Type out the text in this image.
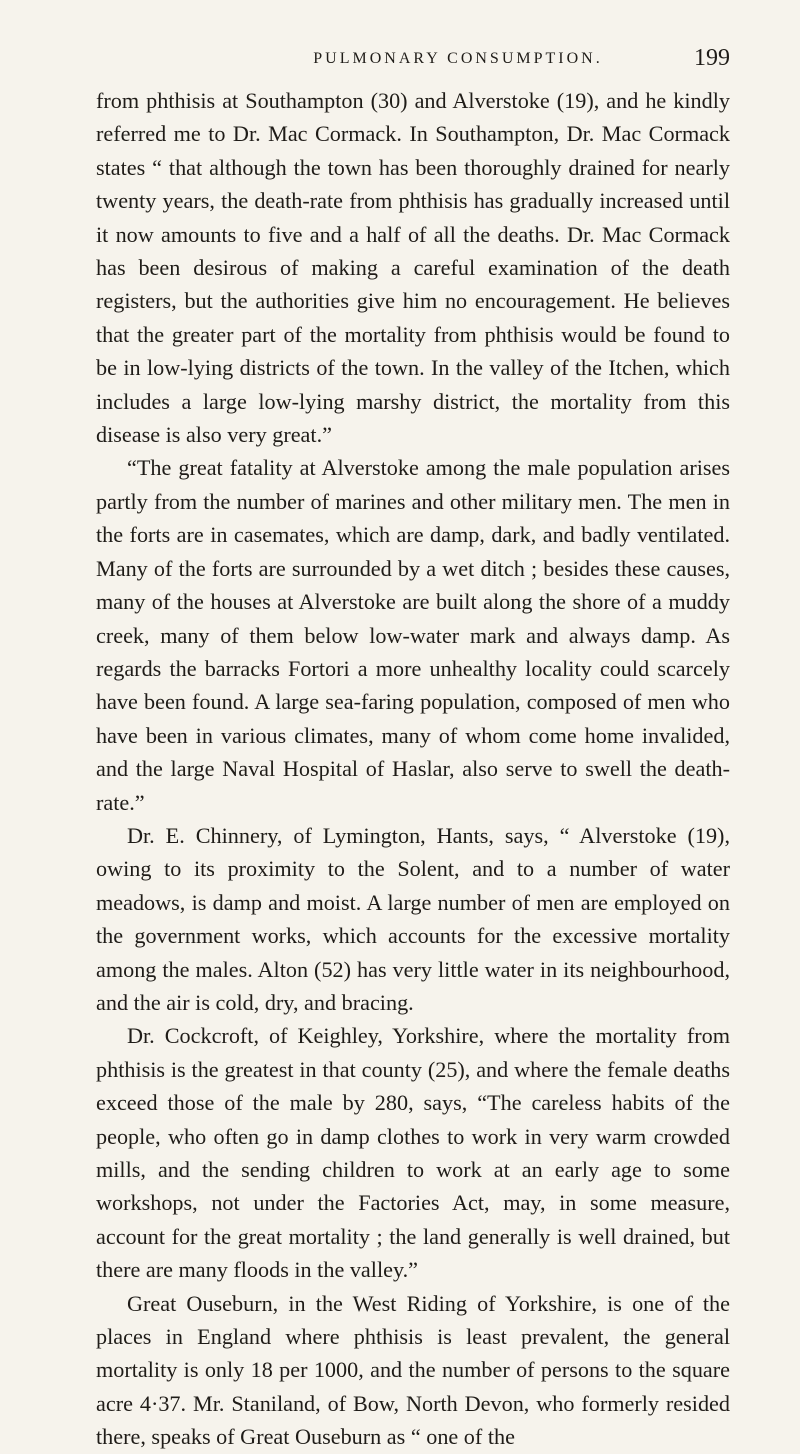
PULMONARY CONSUMPTION.	199

from phthisis at Southampton (30) and Alverstoke (19), and he kindly referred me to Dr. Mac Cormack. In Southampton, Dr. Mac Cormack states “ that although the town has been thoroughly drained for nearly twenty years, the death-rate from phthisis has gradually increased until it now amounts to five and a half of all the deaths. Dr. Mac Cormack has been desirous of making a careful examination of the death registers, but the authorities give him no encouragement. He believes that the greater part of the mortality from phthisis would be found to be in low-lying districts of the town. In the valley of the Itchen, which includes a large low-lying marshy district, the mortality from this disease is also very great.”

“The great fatality at Alverstoke among the male population arises partly from the number of marines and other military men. The men in the forts are in casemates, which are damp, dark, and badly ventilated. Many of the forts are surrounded by a wet ditch ; besides these causes, many of the houses at Alverstoke are built along the shore of a muddy creek, many of them below low-water mark and always damp. As regards the barracks Fortori a more unhealthy locality could scarcely have been found. A large sea-faring population, composed of men who have been in various climates, many of whom come home invalided, and the large Naval Hospital of Haslar, also serve to swell the death-rate.”

Dr. E. Chinnery, of Lymington, Hants, says, “ Alverstoke (19), owing to its proximity to the Solent, and to a number of water meadows, is damp and moist. A large number of men are employed on the government works, which accounts for the excessive mortality among the males. Alton (52) has very little water in its neighbourhood, and the air is cold, dry, and bracing.

Dr. Cockcroft, of Keighley, Yorkshire, where the mortality from phthisis is the greatest in that county (25), and where the female deaths exceed those of the male by 280, says, “The careless habits of the people, who often go in damp clothes to work in very warm crowded mills, and the sending children to work at an early age to some workshops, not under the Factories Act, may, in some measure, account for the great mortality ; the land generally is well drained, but there are many floods in the valley.”

Great Ouseburn, in the West Riding of Yorkshire, is one of the places in England where phthisis is least prevalent, the general mortality is only 18 per 1000, and the number of persons to the square acre 4·37. Mr. Staniland, of Bow, North Devon, who formerly resided there, speaks of Great Ouseburn as “ one of the
